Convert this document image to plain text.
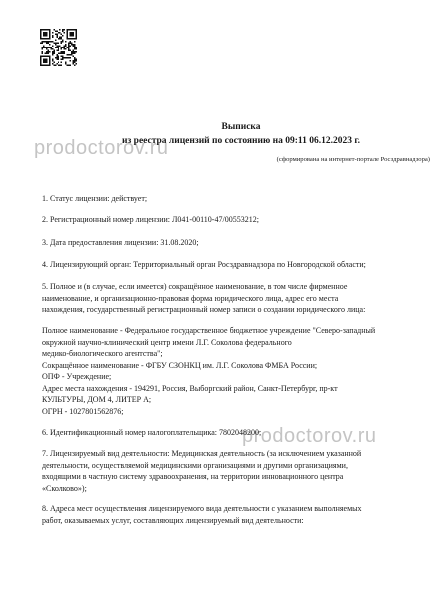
prodoctorov.ru
prodoctorov.ru
Выписка
из реестра лицензий по состоянию на 09:11 06.12.2023 г.
(сформирована на интернет-портале Росздравнадзора)
1. Статус лицензии: действует;
2. Регистрационный номер лицензии: Л041-00110-47/00553212;
3. Дата предоставления лицензии: 31.08.2020;
4. Лицензирующий орган: Территориальный орган Росздравнадзора по Новгородской области;
5. Полное и (в случае, если имеется) сокращённое наименование, в том числе фирменное
наименование, и организационно-правовая форма юридического лица, адрес его места
нахождения, государственный регистрационный номер записи о создании юридического лица:
Полное наименование - Федеральное государственное бюджетное учреждение "Северо-западный
окружной научно-клинический центр имени Л.Г. Соколова федерального
медико-биологического агентства";
Сокращённое наименование - ФГБУ СЗОНКЦ им. Л.Г. Соколова ФМБА России;
ОПФ - Учреждение;
Адрес места нахождения - 194291, Россия, Выборгский район, Санкт-Петербург, пр-кт
КУЛЬТУРЫ, ДОМ 4, ЛИТЕР А;
ОГРН - 1027801562876;
6. Идентификационный номер налогоплательщика: 7802048200;
7. Лицензируемый вид деятельности: Медицинская деятельность (за исключением указанной
деятельности, осуществляемой медицинскими организациями и другими организациями,
входящими в частную систему здравоохранения, на территории инновационного центра
«Сколково»);
8. Адреса мест осуществления лицензируемого вида деятельности с указанием выполняемых
работ, оказываемых услуг, составляющих лицензируемый вид деятельности:
